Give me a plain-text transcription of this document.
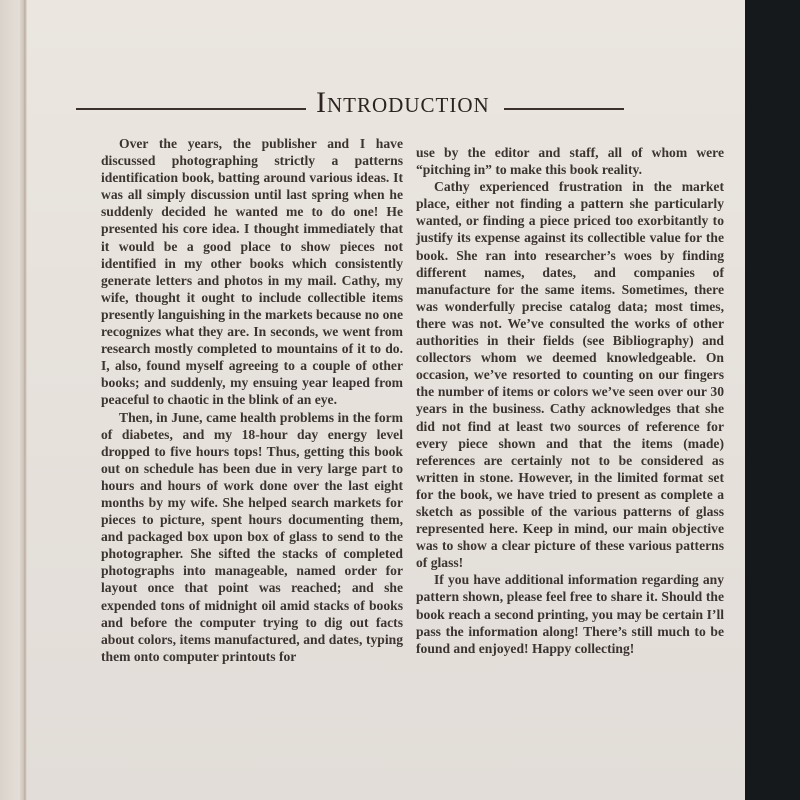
Introduction

Over the years, the publisher and I have discussed photographing strictly a patterns identification book, batting around various ideas. It was all simply discussion until last spring when he suddenly decided he wanted me to do one! He presented his core idea. I thought immediately that it would be a good place to show pieces not identified in my other books which consistently generate letters and photos in my mail. Cathy, my wife, thought it ought to include collectible items presently languishing in the markets because no one recognizes what they are. In seconds, we went from research mostly completed to mountains of it to do. I, also, found myself agreeing to a couple of other books; and suddenly, my ensuing year leaped from peaceful to chaotic in the blink of an eye.

Then, in June, came health problems in the form of diabetes, and my 18-hour day energy level dropped to five hours tops! Thus, getting this book out on schedule has been due in very large part to hours and hours of work done over the last eight months by my wife. She helped search markets for pieces to picture, spent hours documenting them, and packaged box upon box of glass to send to the photographer. She sifted the stacks of completed photographs into manageable, named order for layout once that point was reached; and she expended tons of midnight oil amid stacks of books and before the computer trying to dig out facts about colors, items manufactured, and dates, typing them onto computer printouts for

use by the editor and staff, all of whom were “pitching in” to make this book reality.

Cathy experienced frustration in the market place, either not finding a pattern she particularly wanted, or finding a piece priced too exorbitantly to justify its expense against its collectible value for the book. She ran into researcher’s woes by finding different names, dates, and companies of manufacture for the same items. Sometimes, there was wonderfully precise catalog data; most times, there was not. We’ve consulted the works of other authorities in their fields (see Bibliography) and collectors whom we deemed knowledgeable. On occasion, we’ve resorted to counting on our fingers the number of items or colors we’ve seen over our 30 years in the business. Cathy acknowledges that she did not find at least two sources of reference for every piece shown and that the items (made) references are certainly not to be considered as written in stone. However, in the limited format set for the book, we have tried to present as complete a sketch as possible of the various patterns of glass represented here. Keep in mind, our main objective was to show a clear picture of these various patterns of glass!

If you have additional information regarding any pattern shown, please feel free to share it. Should the book reach a second printing, you may be certain I’ll pass the information along! There’s still much to be found and enjoyed! Happy collecting!
